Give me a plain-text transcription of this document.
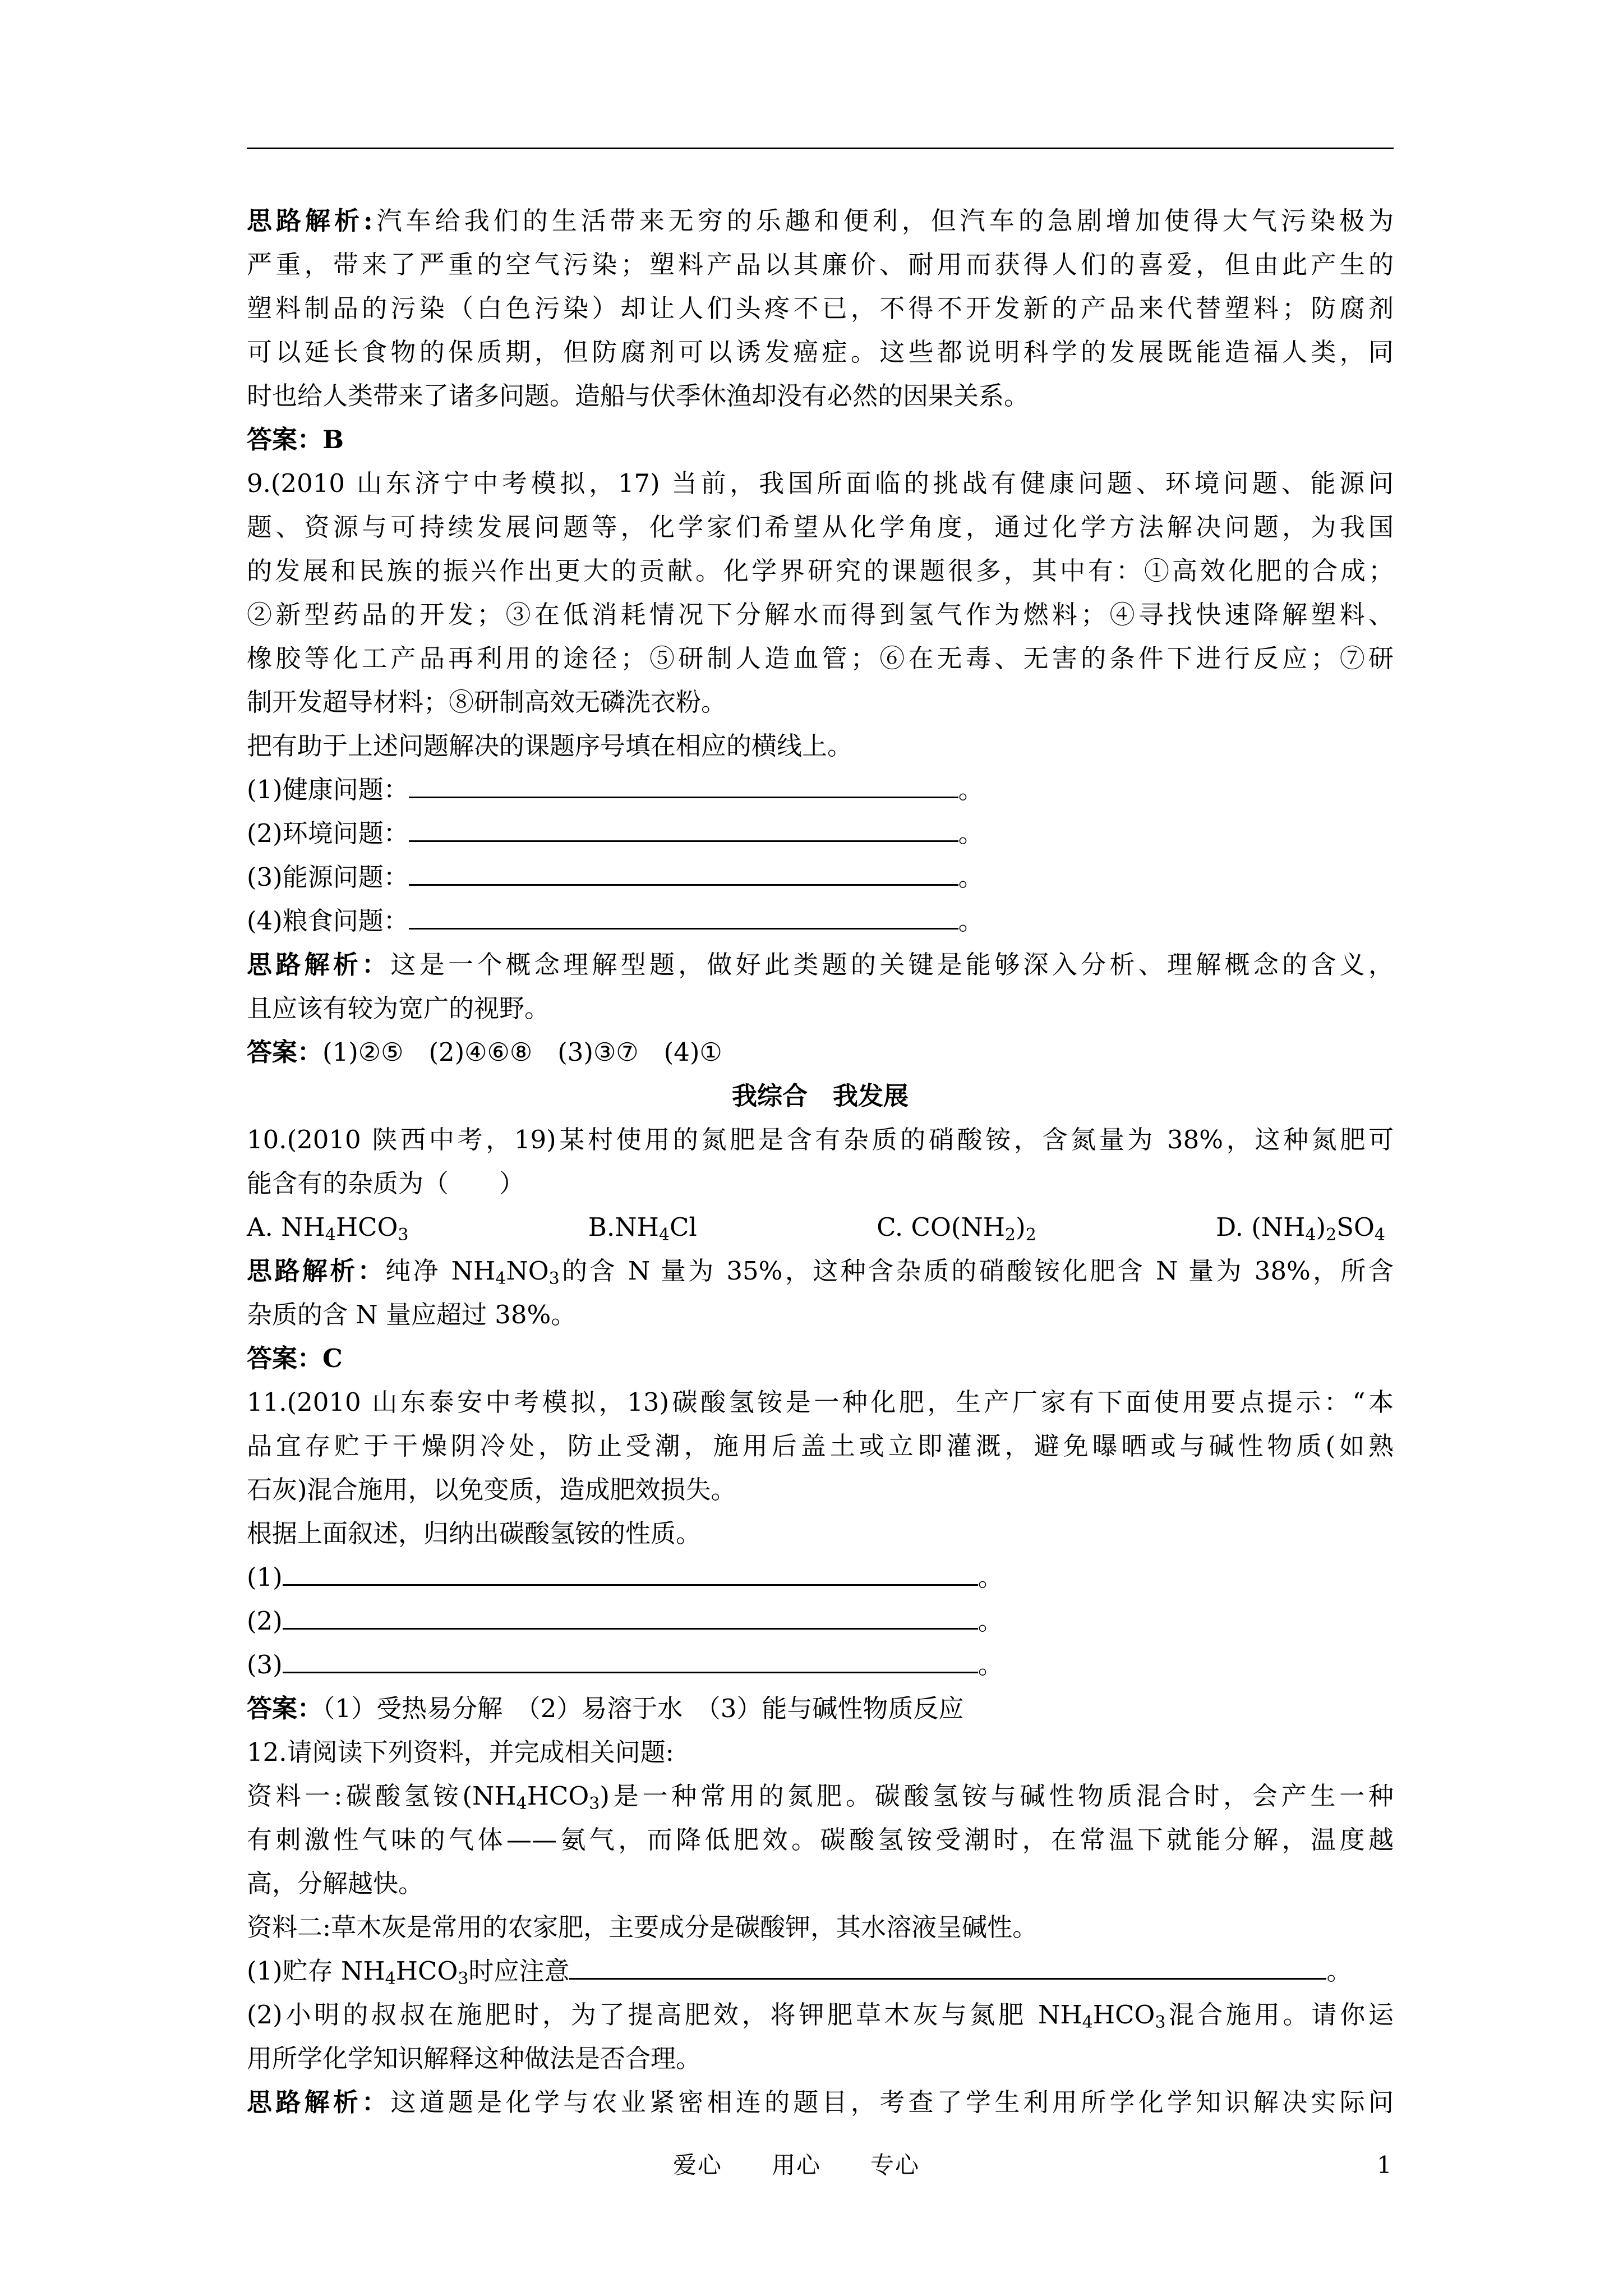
思路解析:汽车给我们的生活带来无穷的乐趣和便利，但汽车的急剧增加使得大气污染极为

严重，带来了严重的空气污染；塑料产品以其廉价、耐用而获得人们的喜爱，但由此产生的

塑料制品的污染（白色污染）却让人们头疼不已，不得不开发新的产品来代替塑料；防腐剂

可以延长食物的保质期，但防腐剂可以诱发癌症。这些都说明科学的发展既能造福人类，同

时也给人类带来了诸多问题。造船与伏季休渔却没有必然的因果关系。

答案：B

9.(2010 山东济宁中考模拟，17) 当前，我国所面临的挑战有健康问题、环境问题、能源问

题、资源与可持续发展问题等，化学家们希望从化学角度，通过化学方法解决问题，为我国

的发展和民族的振兴作出更大的贡献。化学界研究的课题很多，其中有：①高效化肥的合成；

②新型药品的开发；③在低消耗情况下分解水而得到氢气作为燃料；④寻找快速降解塑料、

橡胶等化工产品再利用的途径；⑤研制人造血管；⑥在无毒、无害的条件下进行反应；⑦研

制开发超导材料；⑧研制高效无磷洗衣粉。

把有助于上述问题解决的课题序号填在相应的横线上。

(1)健康问题：	。

(2)环境问题：	。

(3)能源问题：	。

(4)粮食问题：	。

思路解析：这是一个概念理解型题，做好此类题的关键是能够深入分析、理解概念的含义，

且应该有较为宽广的视野。

答案：(1)②⑤　(2)④⑥⑧　(3)③⑦　(4)①

我综合　我发展

10.(2010 陕西中考，19)某村使用的氮肥是含有杂质的硝酸铵，含氮量为 38%，这种氮肥可

能含有的杂质为（　　）

A. $NH_4HCO_3$	$B.NH_4Cl$	C. $CO(NH_2)_2$	D. $(NH_4)_2SO_4$

思路解析：纯净 $NH_4NO_3$的含 N 量为 35%，这种含杂质的硝酸铵化肥含 N 量为 38%，所含

杂质的含 N 量应超过 38%。

答案：C

11.(2010 山东泰安中考模拟，13)碳酸氢铵是一种化肥，生产厂家有下面使用要点提示：“本

品宜存贮于干燥阴冷处，防止受潮，施用后盖土或立即灌溉，避免曝晒或与碱性物质(如熟

石灰)混合施用，以免变质，造成肥效损失。

根据上面叙述，归纳出碳酸氢铵的性质。

(1)	。

(2)	。

(3)	。

答案：（1）受热易分解　（2）易溶于水　（3）能与碱性物质反应

12.请阅读下列资料，并完成相关问题:

资料一:碳酸氢铵$(NH_4HCO_3)$是一种常用的氮肥。碳酸氢铵与碱性物质混合时，会产生一种

有刺激性气味的气体——氨气，而降低肥效。碳酸氢铵受潮时，在常温下就能分解，温度越

高，分解越快。

资料二:草木灰是常用的农家肥，主要成分是碳酸钾，其水溶液呈碱性。

(1)贮存 $NH_4HCO_3$时应注意	。

(2)小明的叔叔在施肥时，为了提高肥效，将钾肥草木灰与氮肥 $NH_4HCO_3$混合施用。请你运

用所学化学知识解释这种做法是否合理。

思路解析：这道题是化学与农业紧密相连的题目，考查了学生利用所学化学知识解决实际问

爱心　　用心　　专心	1
